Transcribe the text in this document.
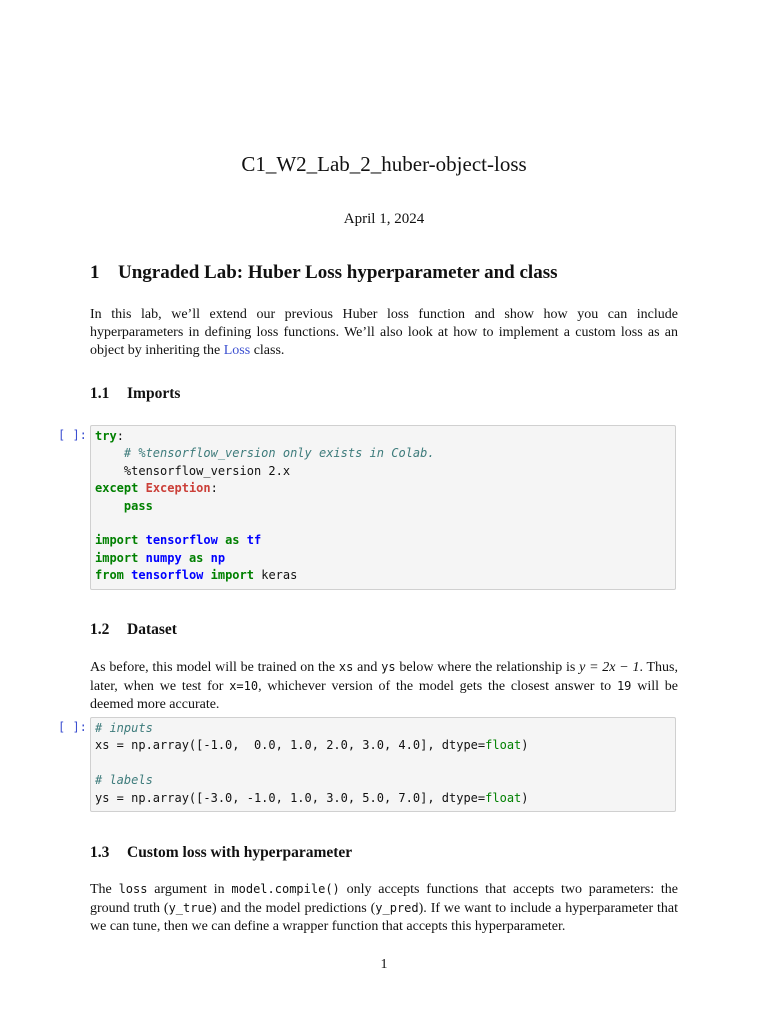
C1_W2_Lab_2_huber-object-loss
April 1, 2024
1 Ungraded Lab: Huber Loss hyperparameter and class

In this lab, we’ll extend our previous Huber loss function and show how you can include hyperparameters in defining loss functions. We’ll also look at how to implement a custom loss as an object by inheriting the Loss class.

1.1 Imports
[ ]: try:
# %tensorflow_version only exists in Colab.
%tensorflow_version 2.x
except Exception:
pass

import tensorflow as tf
import numpy as np
from tensorflow import keras
1.2 Dataset

As before, this model will be trained on the xs and ys below where the relationship is y = 2x − 1. Thus, later, when we test for x=10, whichever version of the model gets the closest answer to 19 will be deemed more accurate.

[ ]: # inputs
xs = np.array([-1.0,  0.0, 1.0, 2.0, 3.0, 4.0], dtype=float)

# labels
ys = np.array([-3.0, -1.0, 1.0, 3.0, 5.0, 7.0], dtype=float)
1.3 Custom loss with hyperparameter

The loss argument in model.compile() only accepts functions that accepts two parameters: the ground truth (y_true) and the model predictions (y_pred). If we want to include a hyperparameter that we can tune, then we can define a wrapper function that accepts this hyperparameter.

1
